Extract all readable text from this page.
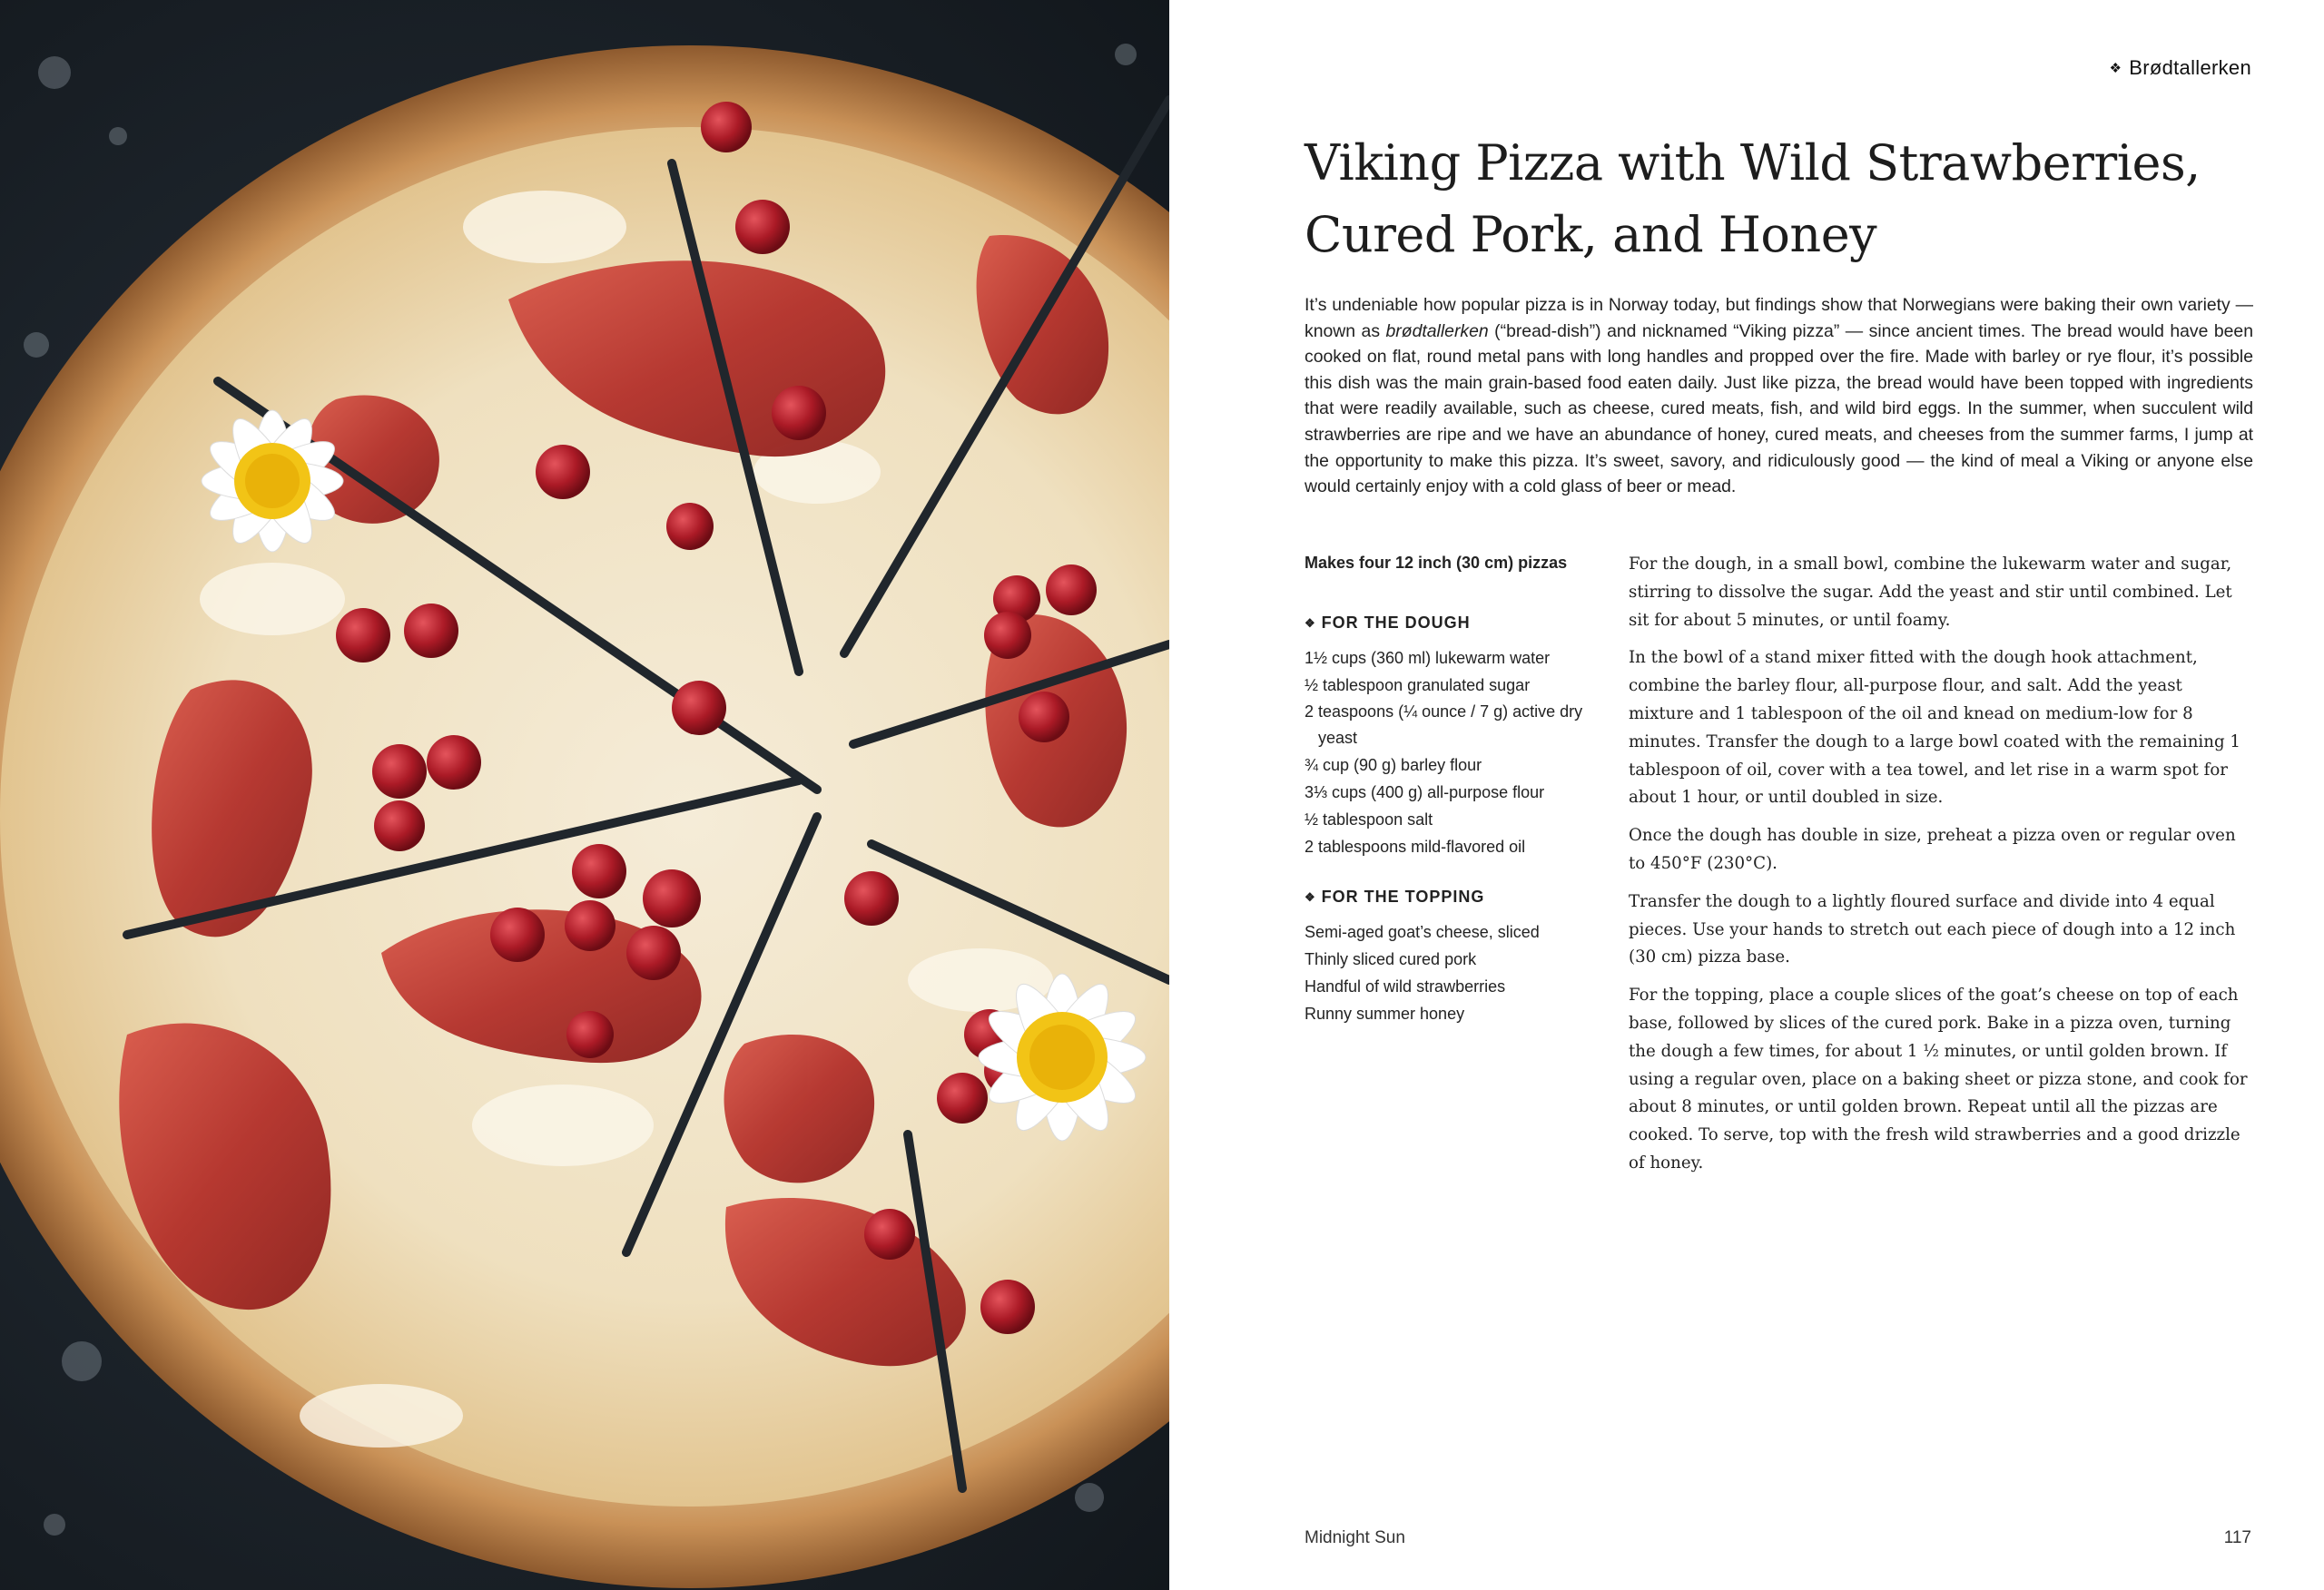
❖ Brødtallerken
Viking Pizza with Wild Strawberries, Cured Pork, and Honey

It’s undeniable how popular pizza is in Norway today, but findings show that Norwegians were baking their own variety — known as brødtallerken (“bread-dish”) and nicknamed “Viking pizza” — since ancient times. The bread would have been cooked on flat, round metal pans with long handles and propped over the fire. Made with barley or rye flour, it’s possible this dish was the main grain-based food eaten daily. Just like pizza, the bread would have been topped with ingredients that were readily available, such as cheese, cured meats, fish, and wild bird eggs. In the summer, when succulent wild strawberries are ripe and we have an abundance of honey, cured meats, and cheeses from the summer farms, I jump at the opportunity to make this pizza. It’s sweet, savory, and ridiculously good — the kind of meal a Viking or anyone else would certainly enjoy with a cold glass of beer or mead.

Makes four 12 inch (30 cm) pizzas
❖ FOR THE DOUGH
1½ cups (360 ml) lukewarm water
½ tablespoon granulated sugar
2 teaspoons (¼ ounce / 7 g) active dry yeast
¾ cup (90 g) barley flour
3⅓ cups (400 g) all-purpose flour
½ tablespoon salt
2 tablespoons mild-flavored oil
❖ FOR THE TOPPING
Semi-aged goat’s cheese, sliced
Thinly sliced cured pork
Handful of wild strawberries
Runny summer honey

For the dough, in a small bowl, combine the lukewarm water and sugar, stirring to dissolve the sugar. Add the yeast and stir until combined. Let sit for about 5 minutes, or until foamy.

In the bowl of a stand mixer fitted with the dough hook attachment, combine the barley flour, all-purpose flour, and salt. Add the yeast mixture and 1 tablespoon of the oil and knead on medium-low for 8 minutes. Transfer the dough to a large bowl coated with the remaining 1 tablespoon of oil, cover with a tea towel, and let rise in a warm spot for about 1 hour, or until doubled in size.

Once the dough has double in size, preheat a pizza oven or regular oven to 450°F (230°C).

Transfer the dough to a lightly floured surface and divide into 4 equal pieces. Use your hands to stretch out each piece of dough into a 12 inch (30 cm) pizza base.

For the topping, place a couple slices of the goat’s cheese on top of each base, followed by slices of the cured pork. Bake in a pizza oven, turning the dough a few times, for about 1 ½ minutes, or until golden brown. If using a regular oven, place on a baking sheet or pizza stone, and cook for about 8 minutes, or until golden brown. Repeat until all the pizzas are cooked. To serve, top with the fresh wild strawberries and a good drizzle of honey.

Midnight Sun	117
